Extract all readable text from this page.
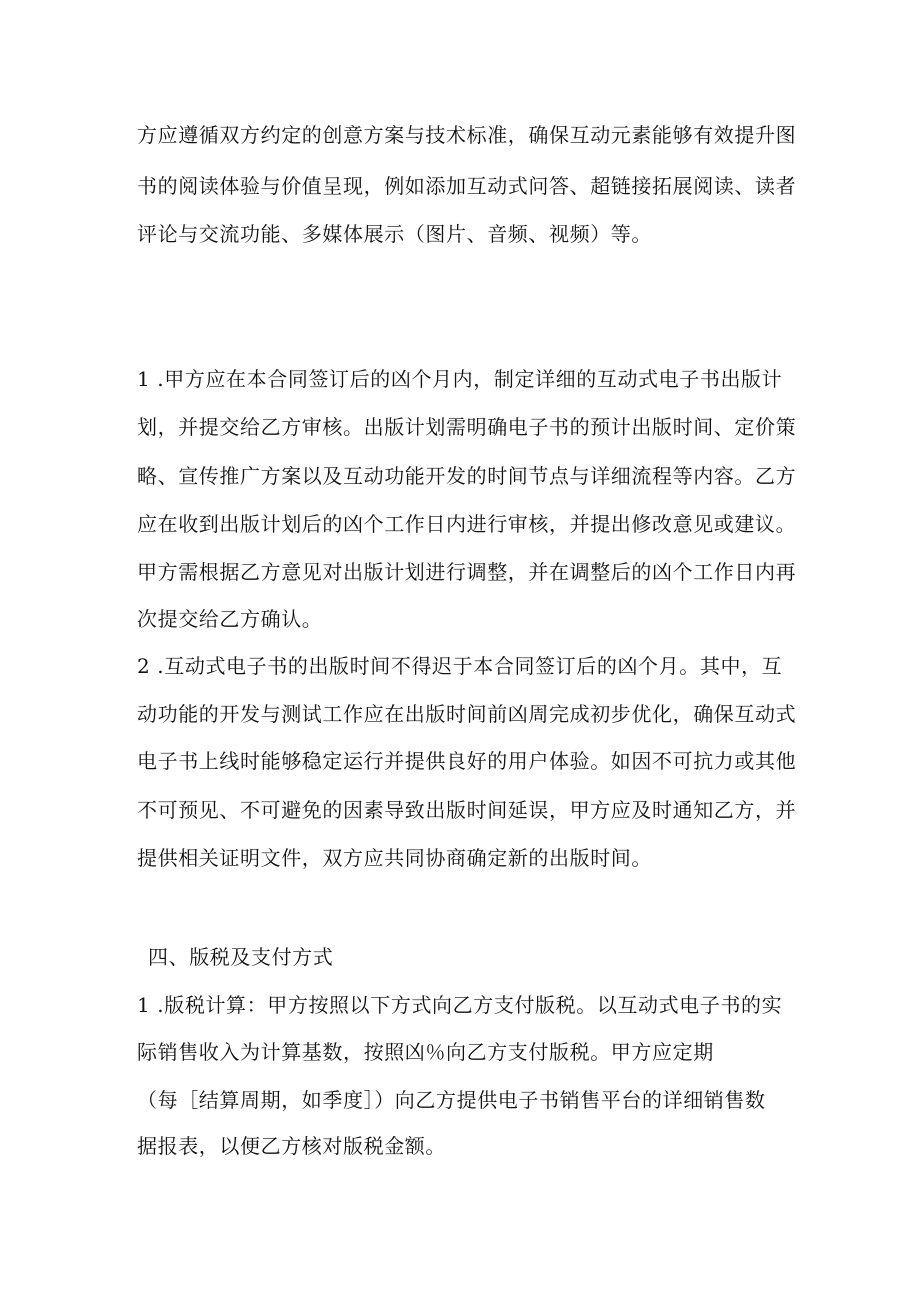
方应遵循双方约定的创意方案与技术标准，确保互动元素能够有效提升图
书的阅读体验与价值呈现，例如添加互动式问答、超链接拓展阅读、读者
评论与交流功能、多媒体展示（图片、音频、视频）等。
1 .甲方应在本合同签订后的凶个月内，制定详细的互动式电子书出版计
划，并提交给乙方审核。出版计划需明确电子书的预计出版时间、定价策
略、宣传推广方案以及互动功能开发的时间节点与详细流程等内容。乙方
应在收到出版计划后的凶个工作日内进行审核，并提出修改意见或建议。
甲方需根据乙方意见对出版计划进行调整，并在调整后的凶个工作日内再
次提交给乙方确认。
2 .互动式电子书的出版时间不得迟于本合同签订后的凶个月。其中，互
动功能的开发与测试工作应在出版时间前凶周完成初步优化，确保互动式
电子书上线时能够稳定运行并提供良好的用户体验。如因不可抗力或其他
不可预见、不可避免的因素导致出版时间延误，甲方应及时通知乙方，并
提供相关证明文件，双方应共同协商确定新的出版时间。
四、版税及支付方式
1 .版税计算：甲方按照以下方式向乙方支付版税。以互动式电子书的实
际销售收入为计算基数，按照凶％向乙方支付版税。甲方应定期
（每［结算周期，如季度］）向乙方提供电子书销售平台的详细销售数
据报表，以便乙方核对版税金额。
